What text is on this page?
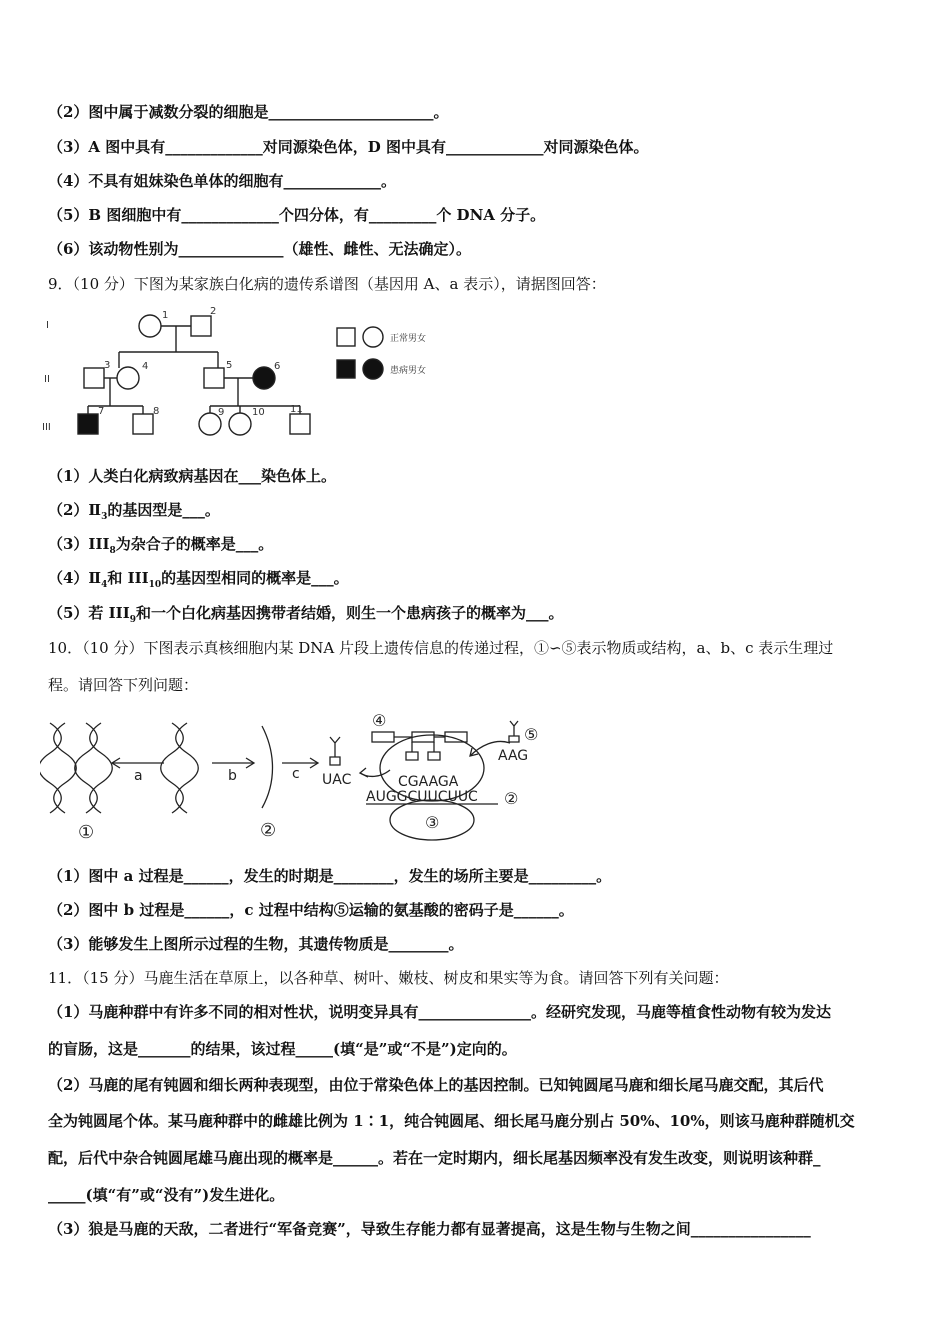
（2）图中属于减数分裂的细胞是______________________。
（3）A 图中具有_____________对同源染色体，D 图中具有_____________对同源染色体。
（4）不具有姐妹染色单体的细胞有_____________。
（5）B 图细胞中有_____________个四分体，有_________个 DNA 分子。
（6）该动物性别为______________（雄性、雌性、无法确定）。
9．（10 分）下图为某家族白化病的遗传系谱图（基因用 A、a 表示），请据图回答：
I
II
III
1	2
3	4	5	6
7	8	9	10	11
正常男女
患病男女
（1）人类白化病致病基因在___染色体上。
$(2)Ⅱ_3$的基因型是___。
$(3)III_8$为杂合子的概率是___。
$(4)Ⅱ_4$和 $III_{10}$的基因型相同的概率是___。
（5）若 $III_9$和一个白化病基因携带者结婚，则生一个患病孩子的概率为___。
10．（10 分）下图表示真核细胞内某 DNA 片段上遗传信息的传递过程，①∽⑤表示物质或结构，a、b、c 表示生理过
程。请回答下列问题：
a	b	c UAC	CGAAGA
AAG
AUGGCUUCUUC
①	②
②
③
④
⑤
（1）图中 a 过程是______，发生的时期是________，发生的场所主要是_________。
（2）图中 b 过程是______，c 过程中结构⑤运输的氨基酸的密码子是______。
（3）能够发生上图所示过程的生物，其遗传物质是________。
11．（15 分）马鹿生活在草原上，以各种草、树叶、嫩枝、树皮和果实等为食。请回答下列有关问题：
（1）马鹿种群中有许多不同的相对性状，说明变异具有_______________。经研究发现，马鹿等植食性动物有较为发达
的盲肠，这是_______的结果，该过程_____(填“是”或“不是”)定向的。
（2）马鹿的尾有钝圆和细长两种表现型，由位于常染色体上的基因控制。已知钝圆尾马鹿和细长尾马鹿交配，其后代
全为钝圆尾个体。某马鹿种群中的雌雄比例为 1∶1，纯合钝圆尾、细长尾马鹿分别占 50%、10%，则该马鹿种群随机交
配，后代中杂合钝圆尾雄马鹿出现的概率是______。若在一定时期内，细长尾基因频率没有发生改变，则说明该种群_
_____(填“有”或“没有”)发生进化。
（3）狼是马鹿的天敌，二者进行“军备竞赛”，导致生存能力都有显著提高，这是生物与生物之间________________
